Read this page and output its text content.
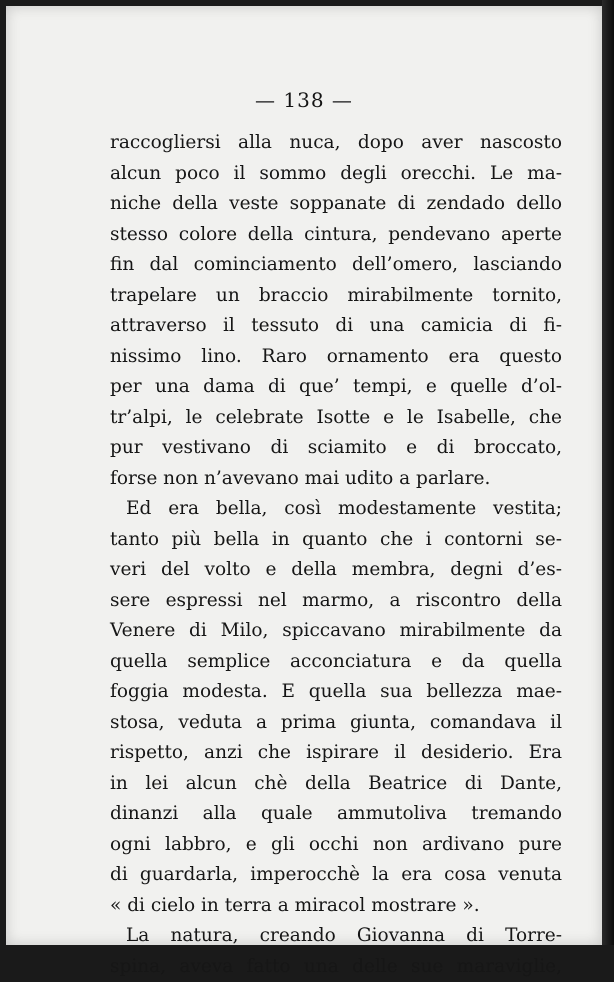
— 138 —
raccogliersi alla nuca, dopo aver nascosto
alcun poco il sommo degli orecchi. Le ma-
niche della veste soppanate di zendado dello
stesso colore della cintura, pendevano aperte
fin dal cominciamento dell’omero, lasciando
trapelare un braccio mirabilmente tornito,
attraverso il tessuto di una camicia di fi-
nissimo lino. Raro ornamento era questo
per una dama di que’ tempi, e quelle d’ol-
tr’alpi, le celebrate Isotte e le Isabelle, che
pur vestivano di sciamito e di broccato,
forse non n’avevano mai udito a parlare.
Ed era bella, così modestamente vestita;
tanto più bella in quanto che i contorni se-
veri del volto e della membra, degni d’es-
sere espressi nel marmo, a riscontro della
Venere di Milo, spiccavano mirabilmente da
quella semplice acconciatura e da quella
foggia modesta. E quella sua bellezza mae-
stosa, veduta a prima giunta, comandava il
rispetto, anzi che ispirare il desiderio. Era
in lei alcun chè della Beatrice di Dante,
dinanzi alla quale ammutoliva tremando
ogni labbro, e gli occhi non ardivano pure
di guardarla, imperocchè la era cosa venuta
« di cielo in terra a miracol mostrare ».
La natura, creando Giovanna di Torre-
spina, aveva fatto una delle sue maraviglie,
